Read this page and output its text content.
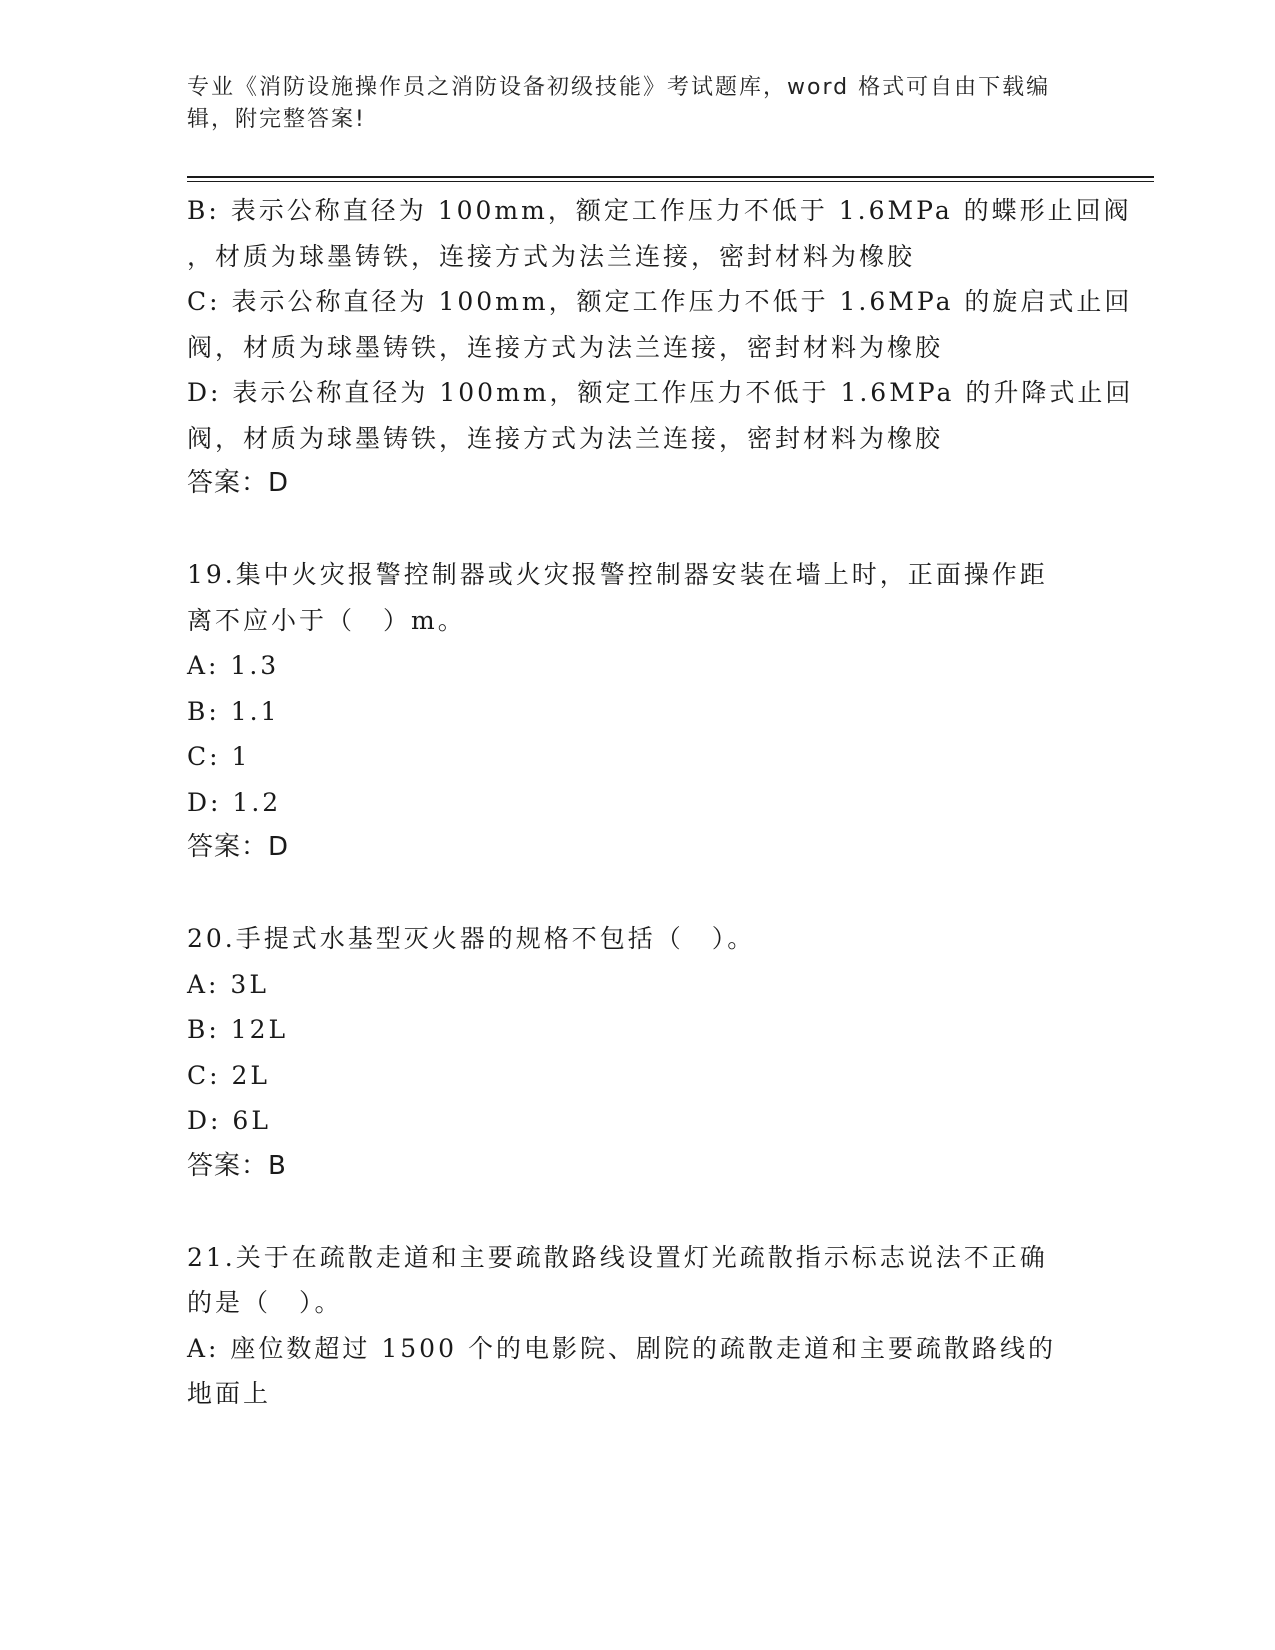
专业《消防设施操作员之消防设备初级技能》考试题库，word 格式可自由下载编
辑，附完整答案!
B: 表示公称直径为 100mm，额定工作压力不低于 1.6MPa 的蝶形止回阀
，材质为球墨铸铁，连接方式为法兰连接，密封材料为橡胶
C: 表示公称直径为 100mm，额定工作压力不低于 1.6MPa 的旋启式止回
阀，材质为球墨铸铁，连接方式为法兰连接，密封材料为橡胶
D: 表示公称直径为 100mm，额定工作压力不低于 1.6MPa 的升降式止回
阀，材质为球墨铸铁，连接方式为法兰连接，密封材料为橡胶
答案：D
19.集中火灾报警控制器或火灾报警控制器安装在墙上时，正面操作距
离不应小于（　）m。
A: 1.3
B: 1.1
C: 1
D: 1.2
答案：D
20.手提式水基型灭火器的规格不包括（　）。
A: 3L
B: 12L
C: 2L
D: 6L
答案：B
21.关于在疏散走道和主要疏散路线设置灯光疏散指示标志说法不正确
的是（　）。
A: 座位数超过 1500 个的电影院、剧院的疏散走道和主要疏散路线的
地面上
